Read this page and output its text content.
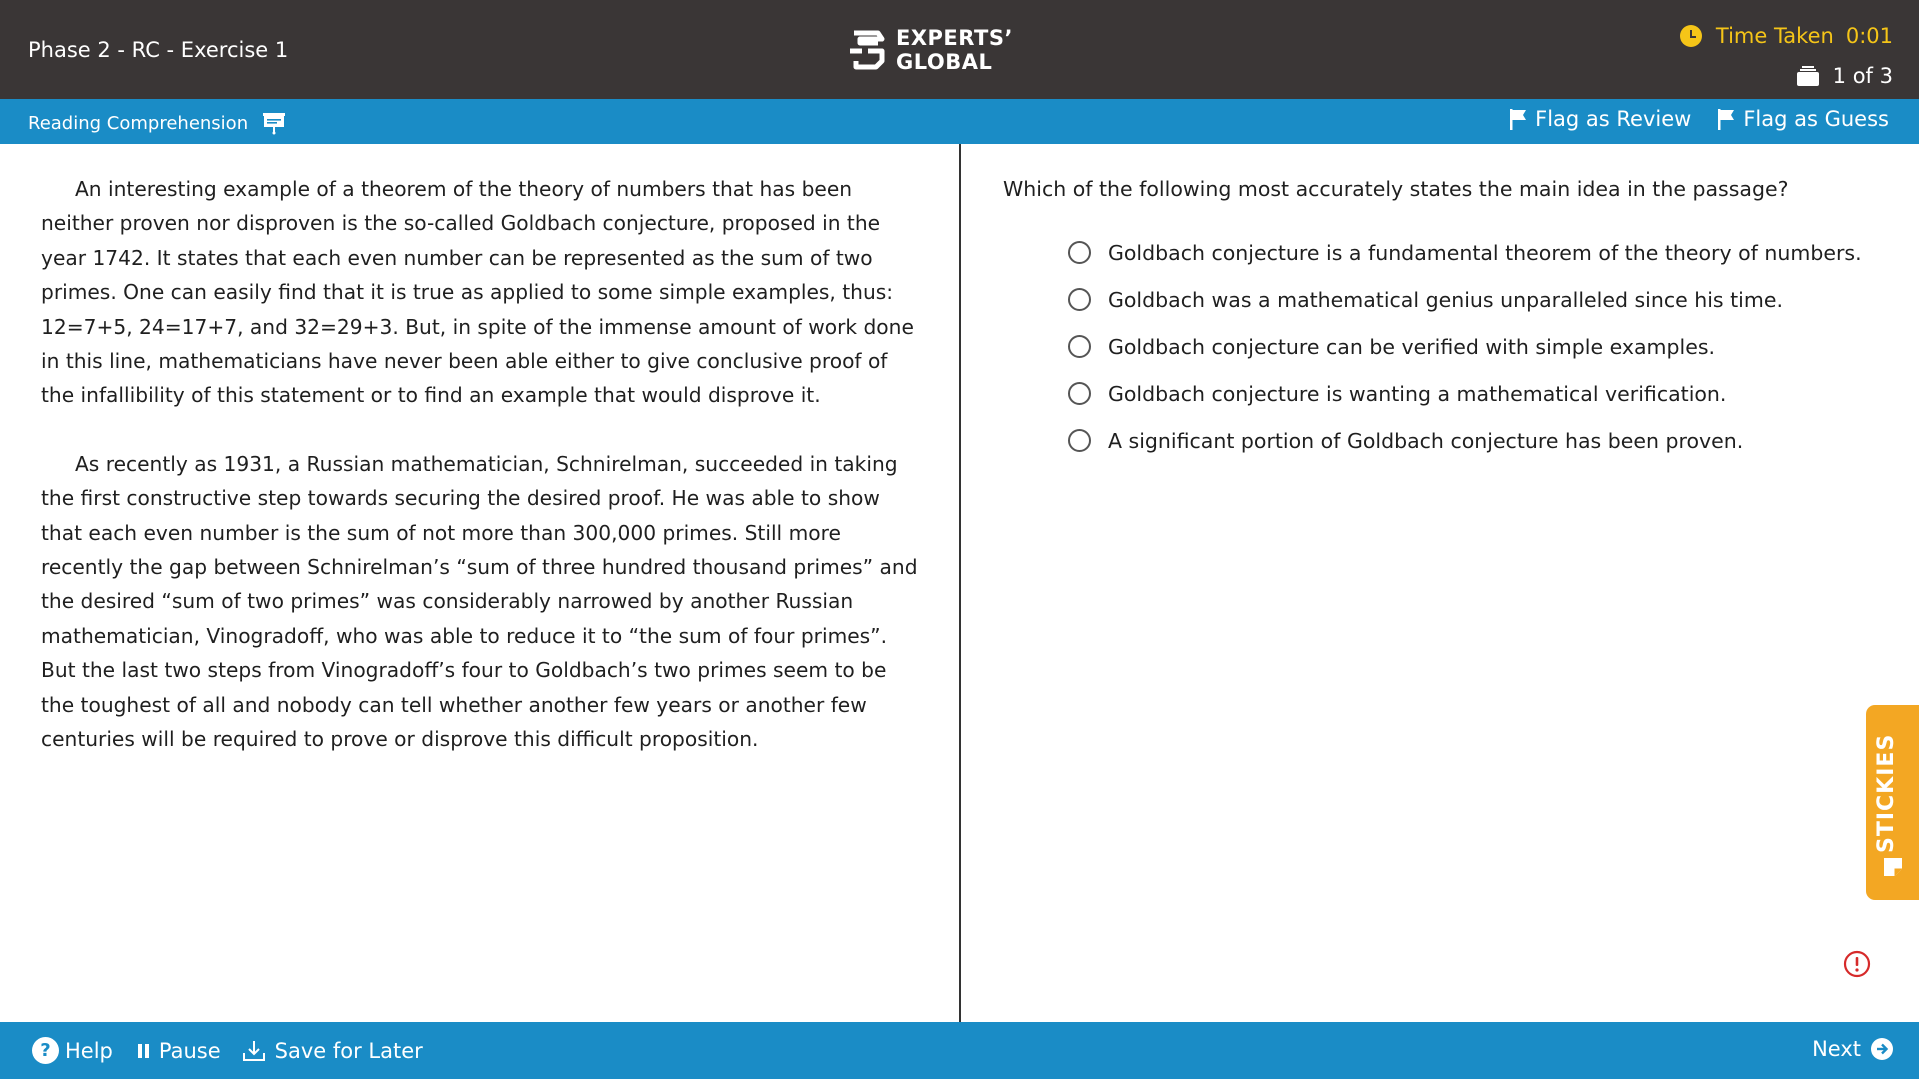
Phase 2 - RC - Exercise 1	EXPERTS’
GLOBAL
Time Taken 0:01
1 of 3
Reading Comprehension	Flag as Review Flag as Guess

An interesting example of a theorem of the theory of numbers that has been neither proven nor disproven is the so-called Goldbach conjecture, proposed in the year 1742. It states that each even number can be represented as the sum of two primes. One can easily find that it is true as applied to some simple examples, thus: 12=7+5, 24=17+7, and 32=29+3. But, in spite of the immense amount of work done in this line, mathematicians have never been able either to give conclusive proof of the infallibility of this statement or to find an example that would disprove it.

As recently as 1931, a Russian mathematician, Schnirelman, succeeded in taking the first constructive step towards securing the desired proof. He was able to show that each even number is the sum of not more than 300,000 primes. Still more recently the gap between Schnirelman’s “sum of three hundred thousand primes” and the desired “sum of two primes” was considerably narrowed by another Russian mathematician, Vinogradoff, who was able to reduce it to “the sum of four primes”. But the last two steps from Vinogradoff’s four to Goldbach’s two primes seem to be the toughest of all and nobody can tell whether another few years or another few centuries will be required to prove or disprove this difficult proposition.

Which of the following most accurately states the main idea in the passage?
Goldbach conjecture is a fundamental theorem of the theory of numbers.
Goldbach was a mathematical genius unparalleled since his time.
Goldbach conjecture can be verified with simple examples.
Goldbach conjecture is wanting a mathematical verification.
A significant portion of Goldbach conjecture has been proven.
STICKIES
? Help Pause	Save for Later	Next
